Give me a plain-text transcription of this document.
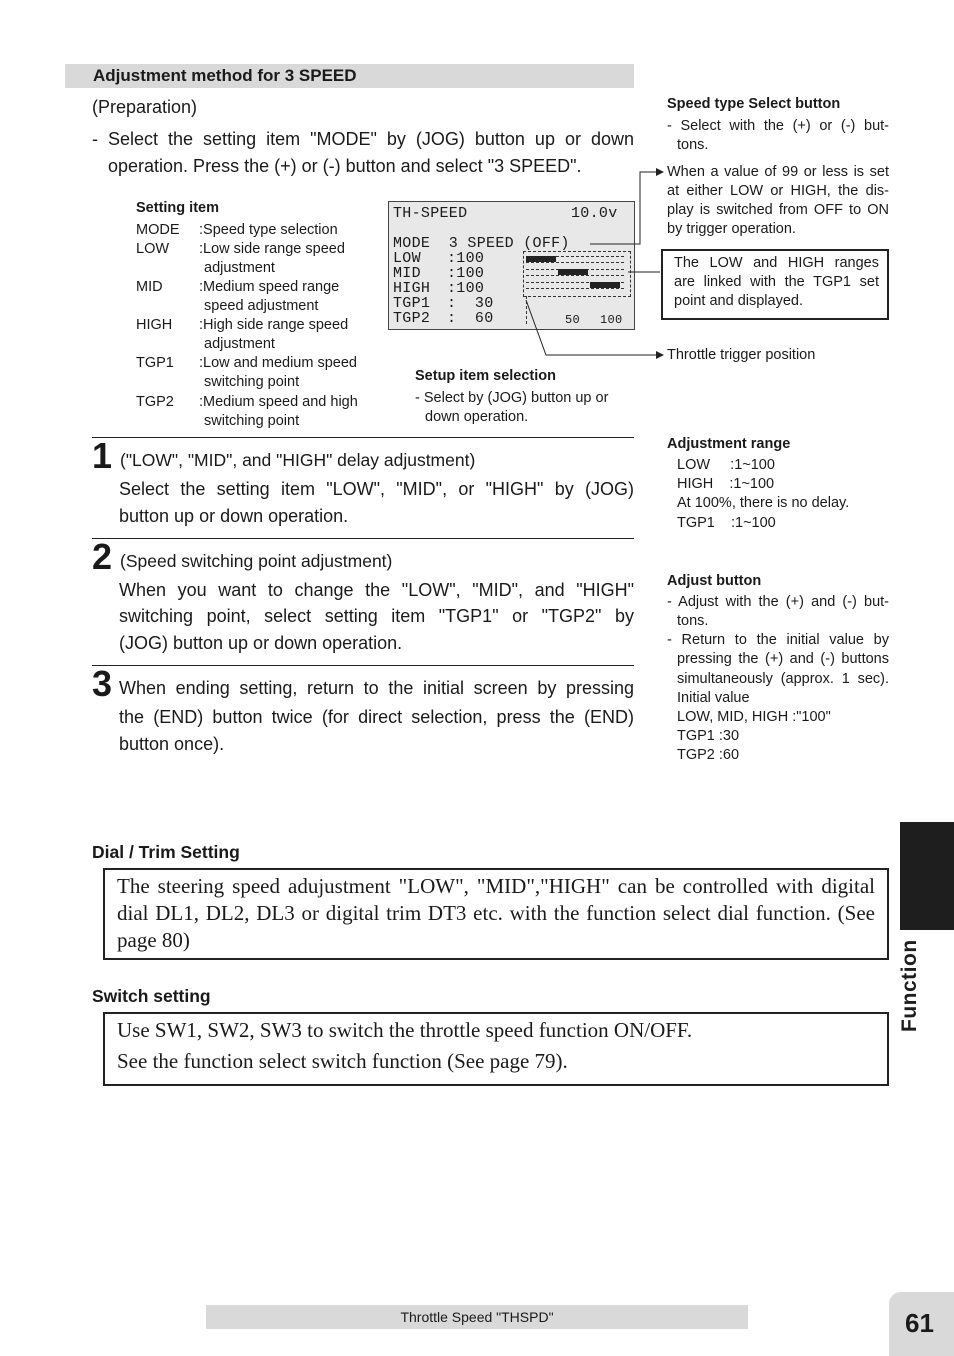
Adjustment method for 3 SPEED
(Preparation)
- Select the setting item "MODE" by (JOG) button up or down
operation. Press the (+) or (-) button and select "3 SPEED".
Setting item
MODE :Speed type selection
LOW :Low side range speed
adjustment
MID	:Medium speed range
speed adjustment
HIGH :High side range speed
adjustment
TGP1 :Low and medium speed
switching point
TGP2 :Medium speed and high
switching point
TH-SPEED	10.0v
MODE  3 SPEED (OFF)
LOW :100
MID :100
HIGH :100
TGP1 :  30
TGP2 :  60	50 100
Setup item selection
- Select by (JOG) button up or
down operation.
Speed type Select button
- Select with the (+) or (-) but-
tons.
When a value of 99 or less is set
at either LOW or HIGH, the dis-
play is switched from OFF to ON
by trigger operation.
The LOW and HIGH ranges
are linked with the TGP1 set
point and displayed.
Throttle trigger position
Adjustment range
LOW     :1~100
HIGH    :1~100
At 100%, there is no delay.
TGP1    :1~100
Adjust button
- Adjust with the (+) and (-) but-
tons.
- Return to the initial value by
pressing the (+) and (-) buttons
simultaneously (approx. 1 sec).
Initial value
LOW, MID, HIGH :"100"
TGP1 :30
TGP2 :60
1 ("LOW", "MID", and "HIGH" delay adjustment)
Select the setting item "LOW", "MID", or "HIGH" by (JOG)
button up or down operation.
2 (Speed switching point adjustment)
When you want to change the "LOW", "MID", and "HIGH"
switching point, select setting item "TGP1" or "TGP2" by
(JOG) button up or down operation.
3 When ending setting, return to the initial screen by pressing
the (END) button twice (for direct selection, press the (END)
button once).
Dial / Trim Setting
The steering speed adujustment "LOW", "MID","HIGH" can be controlled with digital
dial DL1, DL2, DL3 or digital trim DT3 etc. with the function select dial function. (See
page 80)
Switch setting
Use SW1, SW2, SW3 to switch the throttle speed function ON/OFF.
See the function select switch function (See page 79).
Function
Throttle Speed "THSPD"	61
